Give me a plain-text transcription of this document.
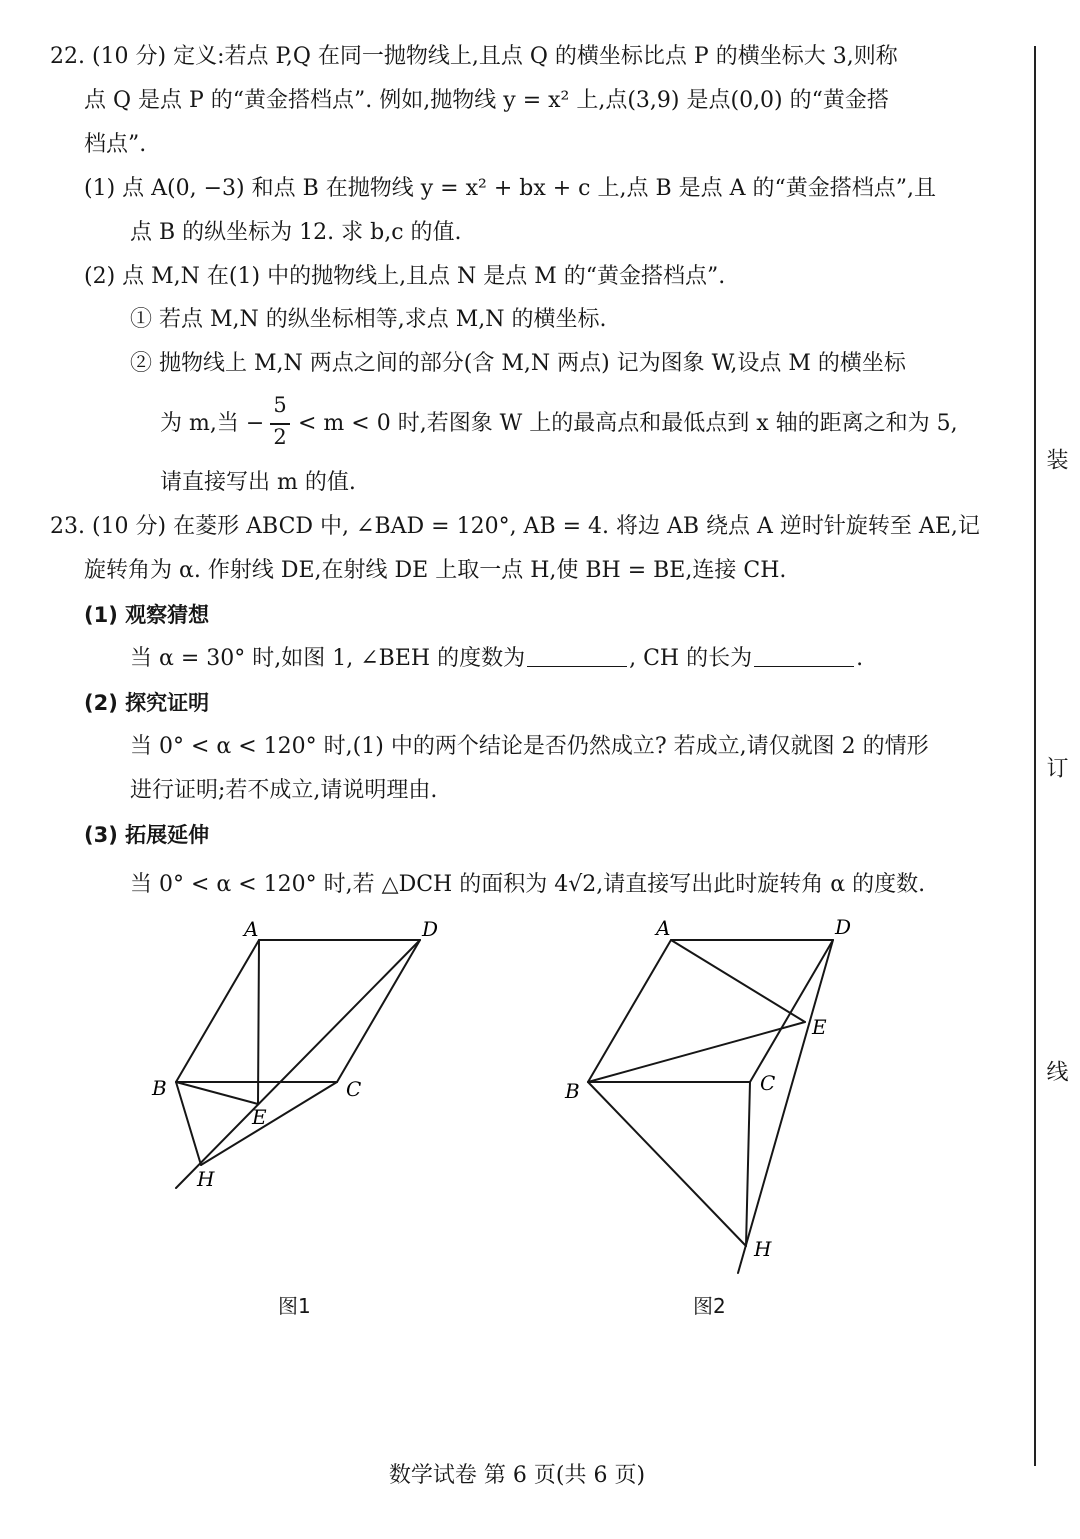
22. (10 分) 定义:若点 P,Q 在同一抛物线上,且点 Q 的横坐标比点 P 的横坐标大 3,则称
点 Q 是点 P 的“黄金搭档点”. 例如,抛物线 y = x² 上,点(3,9) 是点(0,0) 的“黄金搭
档点”.
(1) 点 A(0, −3) 和点 B 在抛物线 y = x² + bx + c 上,点 B 是点 A 的“黄金搭档点”,且
点 B 的纵坐标为 12. 求 b,c 的值.
(2) 点 M,N 在(1) 中的抛物线上,且点 N 是点 M 的“黄金搭档点”.
① 若点 M,N 的纵坐标相等,求点 M,N 的横坐标.
② 抛物线上 M,N 两点之间的部分(含 M,N 两点) 记为图象 W,设点 M 的横坐标
为 m,当 −
5
2
< m < 0 时,若图象 W 上的最高点和最低点到 x 轴的距离之和为 5,
请直接写出 m 的值.
23. (10 分) 在菱形 ABCD 中, ∠BAD = 120°, AB = 4. 将边 AB 绕点 A 逆时针旋转至 AE,记
旋转角为 α. 作射线 DE,在射线 DE 上取一点 H,使 BH = BE,连接 CH.
(1) 观察猜想
当 α = 30° 时,如图 1, ∠BEH 的度数为	, CH 的长为	.
(2) 探究证明
当 0° < α < 120° 时,(1) 中的两个结论是否仍然成立? 若成立,请仅就图 2 的情形
进行证明;若不成立,请说明理由.
(3) 拓展延伸
当 0° < α < 120° 时,若 △DCH 的面积为 4√2,请直接写出此时旋转角 α 的度数.
A	D
B	C
E
H
A	D
E
C
B
H
图1	图2
装
订
线
数学试卷 第 6 页(共 6 页)
